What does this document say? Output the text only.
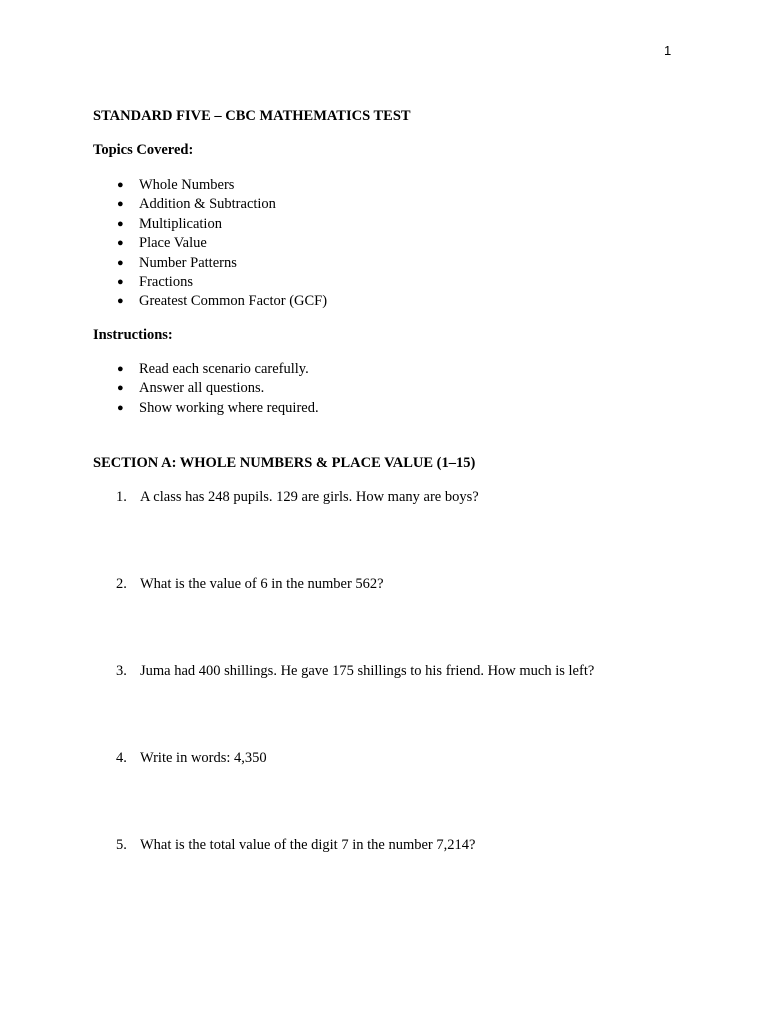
1
STANDARD FIVE – CBC MATHEMATICS TEST
Topics Covered:
● Whole Numbers
● Addition & Subtraction
● Multiplication
● Place Value
● Number Patterns
● Fractions
● Greatest Common Factor (GCF)
Instructions:
● Read each scenario carefully.
● Answer all questions.
● Show working where required.
SECTION A: WHOLE NUMBERS & PLACE VALUE (1–15)
1. A class has 248 pupils. 129 are girls. How many are boys?
2. What is the value of 6 in the number 562?
3. Juma had 400 shillings. He gave 175 shillings to his friend. How much is left?
4. Write in words: 4,350
5. What is the total value of the digit 7 in the number 7,214?
